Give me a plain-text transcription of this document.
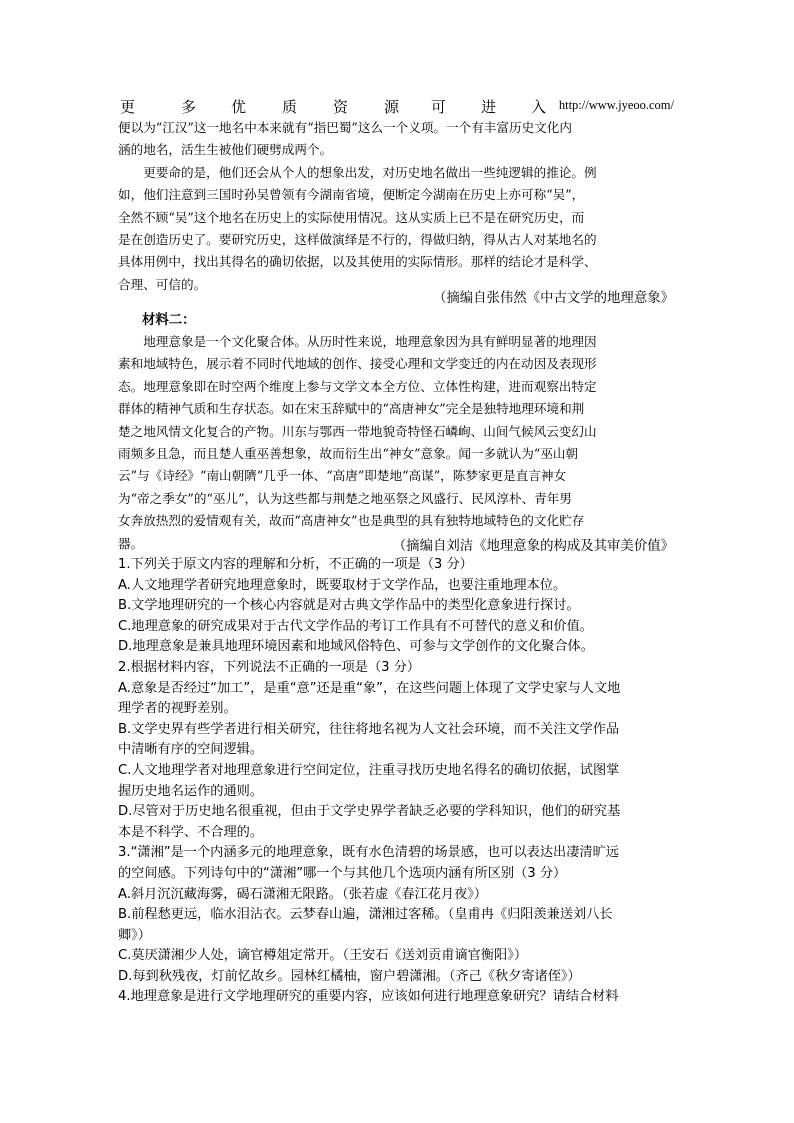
更	多 优 质 资 源 可 进 入 http://www.jyeoo.com/

便以为“江汉”这一地名中本来就有“指巴蜀”这么一个义项。一个有丰富历史文化内

涵的地名，活生生被他们硬劈成两个。

更要命的是，他们还会从个人的想象出发，对历史地名做出一些纯逻辑的推论。例

如，他们注意到三国时孙吴曾领有今湖南省境，便断定今湖南在历史上亦可称“吴”，

全然不顾“吴”这个地名在历史上的实际使用情况。这从实质上已不是在研究历史，而

是在创造历史了。要研究历史，这样做演绎是不行的，得做归纳，得从古人对某地名的

具体用例中，找出其得名的确切依据，以及其使用的实际情形。那样的结论才是科学、

合理、可信的。

（摘编自张伟然《中古文学的地理意象》
材料二：

地理意象是一个文化聚合体。从历时性来说，地理意象因为具有鲜明显著的地理因

素和地域特色，展示着不同时代地域的创作、接受心理和文学变迁的内在动因及表现形

态。地理意象即在时空两个维度上参与文学文本全方位、立体性构建，进而观察出特定

群体的精神气质和生存状态。如在宋玉辞赋中的“高唐神女”完全是独特地理环境和荆

楚之地风情文化复合的产物。川东与鄂西一带地貌奇特怪石嶙峋、山间气候风云变幻山

雨频多且急，而且楚人重巫善想象，故而衍生出“神女”意象。闻一多就认为“巫山朝

云”与《诗经》“南山朝隮”几乎一体、“高唐”即楚地“高谋”，陈梦家更是直言神女

为“帝之季女”的“巫儿”，认为这些都与荆楚之地巫祭之风盛行、民风淳朴、青年男

女奔放热烈的爱情观有关，故而“高唐神女”也是典型的具有独特地域特色的文化贮存

器。	（摘编自刘洁《地理意象的构成及其审美价值》
1.下列关于原文内容的理解和分析，不正确的一项是（3 分）
A.人文地理学者研究地理意象时，既要取材于文学作品，也要注重地理本位。
B.文学地理研究的一个核心内容就是对古典文学作品中的类型化意象进行探讨。
C.地理意象的研究成果对于古代文学作品的考订工作具有不可替代的意义和价值。
D.地理意象是兼具地理环境因素和地域风俗特色、可参与文学创作的文化聚合体。
2.根据材料内容，下列说法不正确的一项是（3 分）
A.意象是否经过“加工”，是重“意”还是重“象”，在这些问题上体现了文学史家与人文地
理学者的视野差别。
B.文学史界有些学者进行相关研究，往往将地名视为人文社会环境，而不关注文学作品
中清晰有序的空间逻辑。
C.人文地理学者对地理意象进行空间定位，注重寻找历史地名得名的确切依据，试图掌
握历史地名运作的通则。
D.尽管对于历史地名很重视，但由于文学史界学者缺乏必要的学科知识，他们的研究基
本是不科学、不合理的。
3.“潇湘”是一个内涵多元的地理意象，既有水色清碧的场景感，也可以表达出凄清旷远
的空间感。下列诗句中的“潇湘”哪一个与其他几个选项内涵有所区别（3 分）
A.斜月沉沉藏海雾，碣石潇湘无限路。（张若虚《春江花月夜》）
B.前程愁更远，临水泪沾衣。云梦春山遍，潇湘过客稀。（皇甫冉《归阳羡兼送刘八长
卿》）
C.莫厌潇湘少人处，谪官樽俎定常开。（王安石《送刘贡甫谪官衡阳》）
D.每到秋残夜，灯前忆故乡。园林红橘柚，窗户碧潇湘。（齐己《秋夕寄诸侄》）
4.地理意象是进行文学地理研究的重要内容，应该如何进行地理意象研究？请结合材料
